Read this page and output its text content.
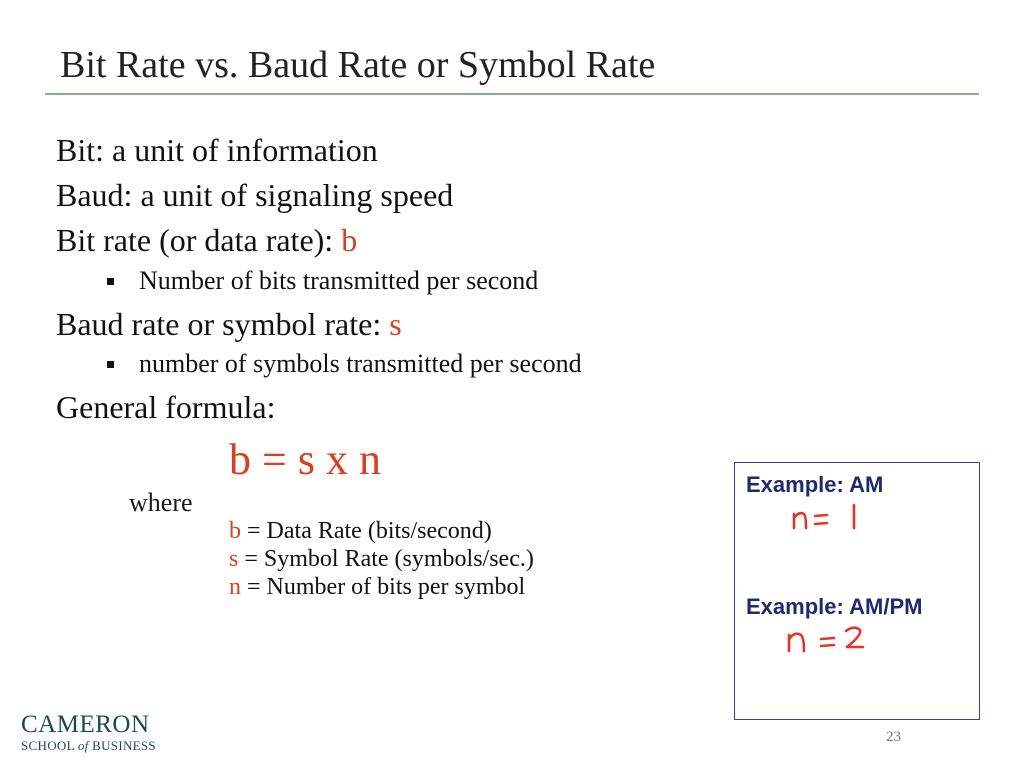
Bit Rate vs. Baud Rate or Symbol Rate
Bit: a unit of information
Baud: a unit of signaling speed
Bit rate (or data rate): b
Number of bits transmitted per second
Baud rate or symbol rate: s
number of symbols transmitted per second
General formula:
b = s x n
where
b = Data Rate (bits/second)
s = Symbol Rate (symbols/sec.)
n = Number of bits per symbol
Example: AM
Example: AM/PM
CAMERON
SCHOOL of BUSINESS
23
